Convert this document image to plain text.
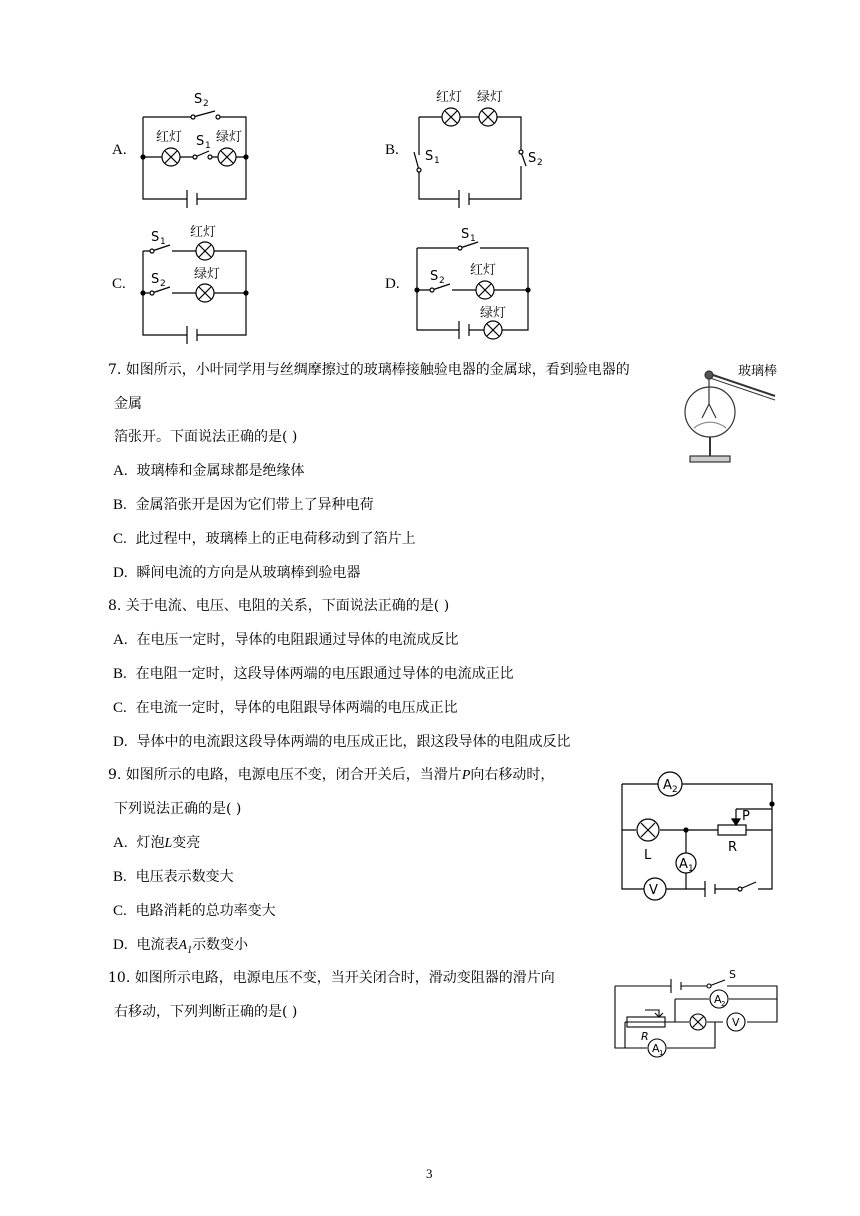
A.	B.
C.	D.
S 2
红灯 S 1
绿灯
红灯 绿灯
S 1	S 2
S 1
红灯
S 2
绿灯
S 1
S 2
红灯
绿灯
7. 如图所示，小叶同学用与丝绸摩擦过的玻璃棒接触验电器的金属球，看到验电器的
金属
箔张开。下面说法正确的是( )
A. 玻璃棒和金属球都是绝缘体
B. 金属箔张开是因为它们带上了异种电荷
C. 此过程中，玻璃棒上的正电荷移动到了箔片上
D. 瞬间电流的方向是从玻璃棒到验电器
玻璃棒
8. 关于电流、电压、电阻的关系，下面说法正确的是( )
A. 在电压一定时，导体的电阻跟通过导体的电流成反比
B. 在电阻一定时，这段导体两端的电压跟通过导体的电流成正比
C. 在电流一定时，导体的电阻跟导体两端的电压成正比
D. 导体中的电流跟这段导体两端的电压成正比，跟这段导体的电阻成反比
9. 如图所示的电路，电源电压不变，闭合开关后，当滑片P向右移动时，
下列说法正确的是( )
A. 灯泡L变亮
B. 电压表示数变大
C. 电路消耗的总功率变大
D. 电流表$A_1$示数变小
A 2
P
R
L
A 1
V
10. 如图所示电路，电源电压不变，当开关闭合时，滑动变阻器的滑片向
右移动，下列判断正确的是( )
S
A 2
R
V
A 1
3
